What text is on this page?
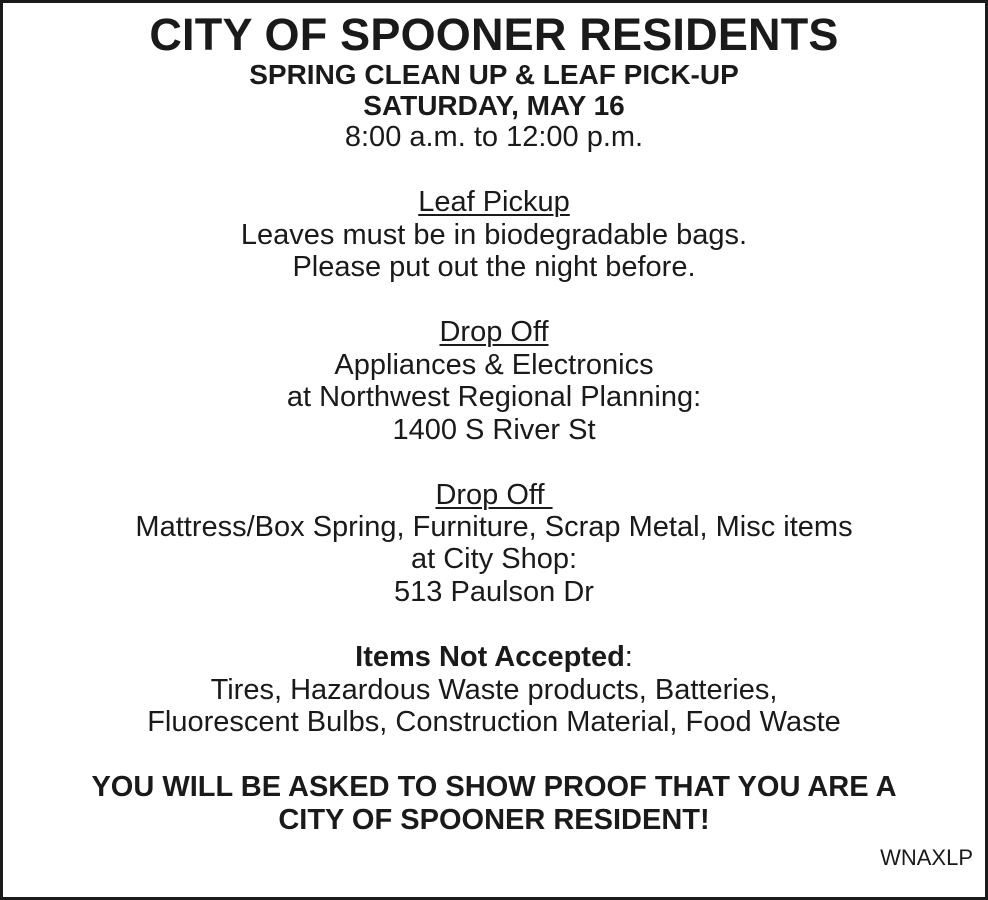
CITY OF SPOONER RESIDENTS
SPRING CLEAN UP & LEAF PICK-UP
SATURDAY, MAY 16
8:00 a.m. to 12:00 p.m.
Leaf Pickup
Leaves must be in biodegradable bags.
Please put out the night before.
Drop Off
Appliances & Electronics
at Northwest Regional Planning:
1400 S River St
Drop Off
Mattress/Box Spring, Furniture, Scrap Metal, Misc items
at City Shop:
513 Paulson Dr
Items Not Accepted:
Tires, Hazardous Waste products, Batteries,
Fluorescent Bulbs, Construction Material, Food Waste
YOU WILL BE ASKED TO SHOW PROOF THAT YOU ARE A
CITY OF SPOONER RESIDENT!
WNAXLP
